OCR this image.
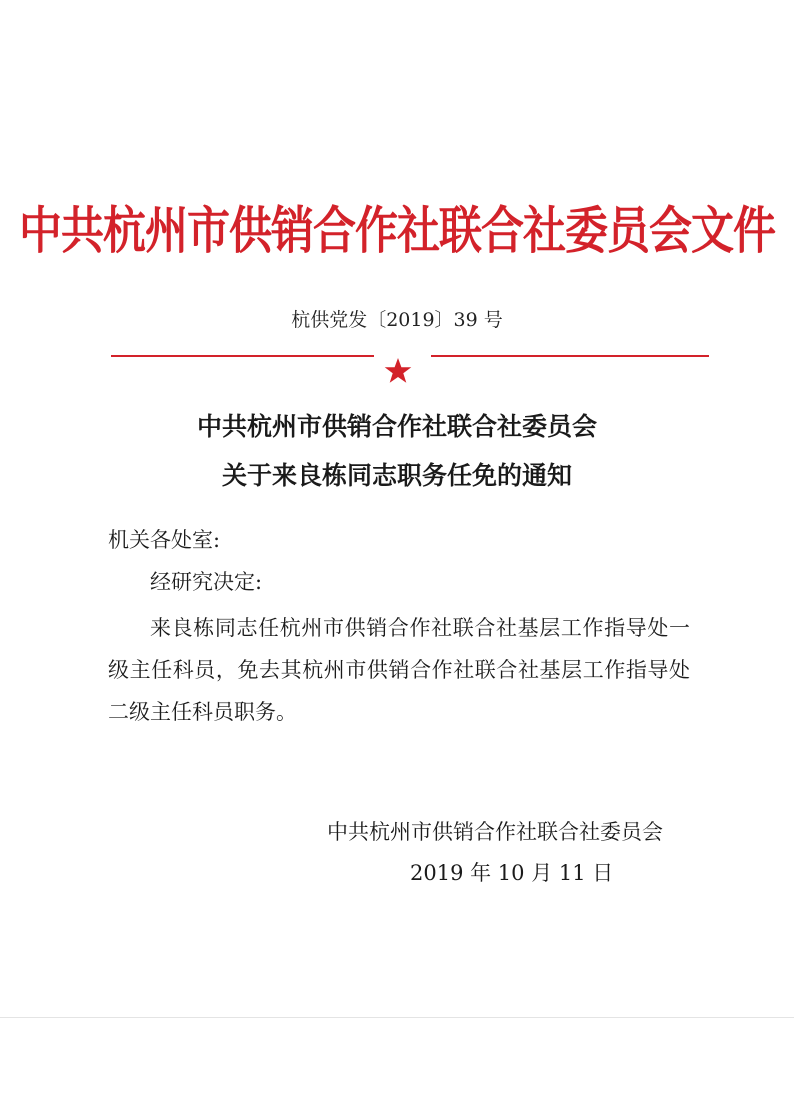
中共杭州市供销合作社联合社委员会文件
杭供党发〔2019〕39 号
中共杭州市供销合作社联合社委员会
关于来良栋同志职务任免的通知
机关各处室:
经研究决定:
来良栋同志任杭州市供销合作社联合社基层工作指导处一级主任科员，免去其杭州市供销合作社联合社基层工作指导处二级主任科员职务。
中共杭州市供销合作社联合社委员会
2019 年 10 月 11 日
